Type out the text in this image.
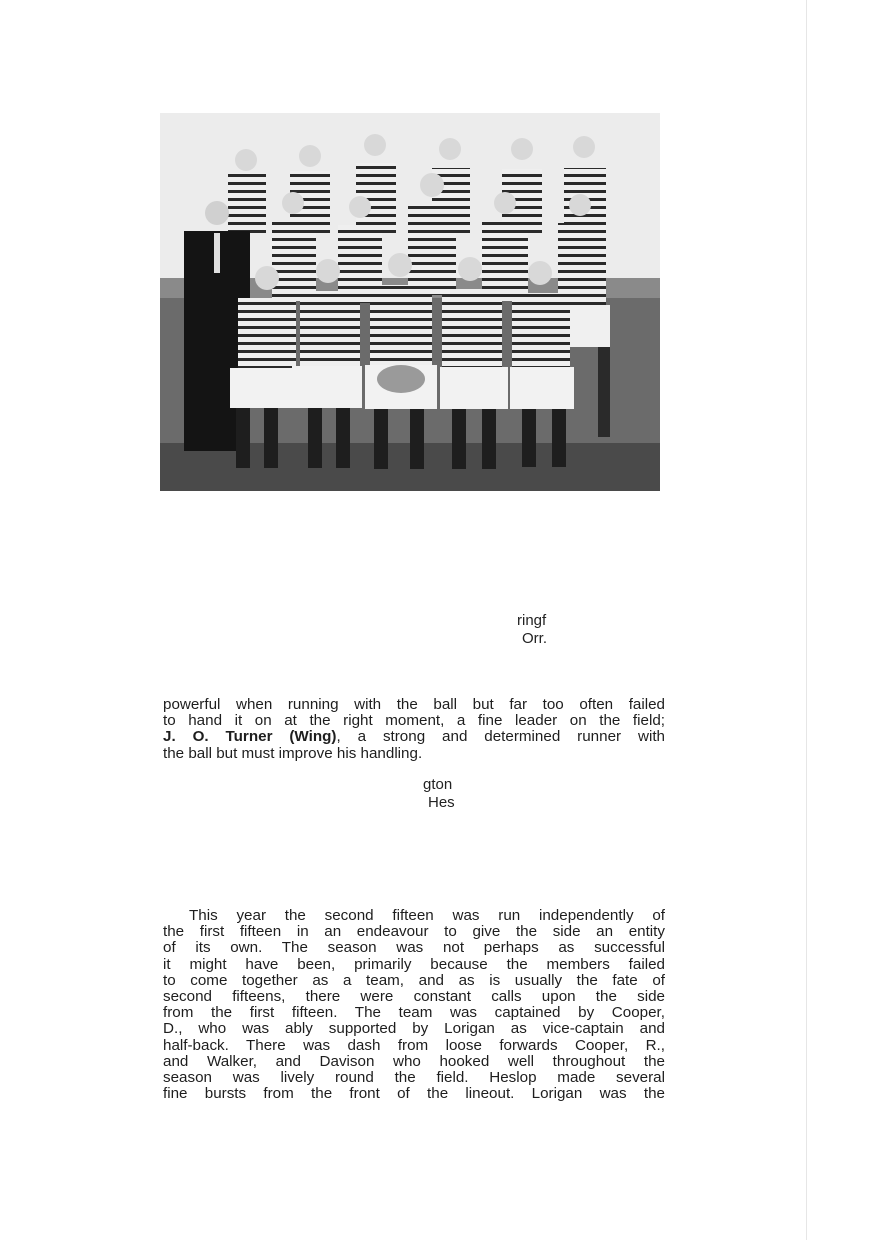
ringf
Orr.
powerful when running with the ball but far too often failed
to hand it on at the right moment, a fine leader on the field;
J. O. Turner (Wing), a strong and determined runner with
the ball but must improve his handling.
gton
Hes
This year the second fifteen was run independently of
the first fifteen in an endeavour to give the side an entity
of its own. The season was not perhaps as successful
it might have been, primarily because the members failed
to come together as a team, and as is usually the fate of
second fifteens, there were constant calls upon the side
from the first fifteen. The team was captained by Cooper,
D., who was ably supported by Lorigan as vice-captain and
half-back. There was dash from loose forwards Cooper, R.,
and Walker, and Davison who hooked well throughout the
season was lively round the field. Heslop made several
fine bursts from the front of the lineout. Lorigan was the
